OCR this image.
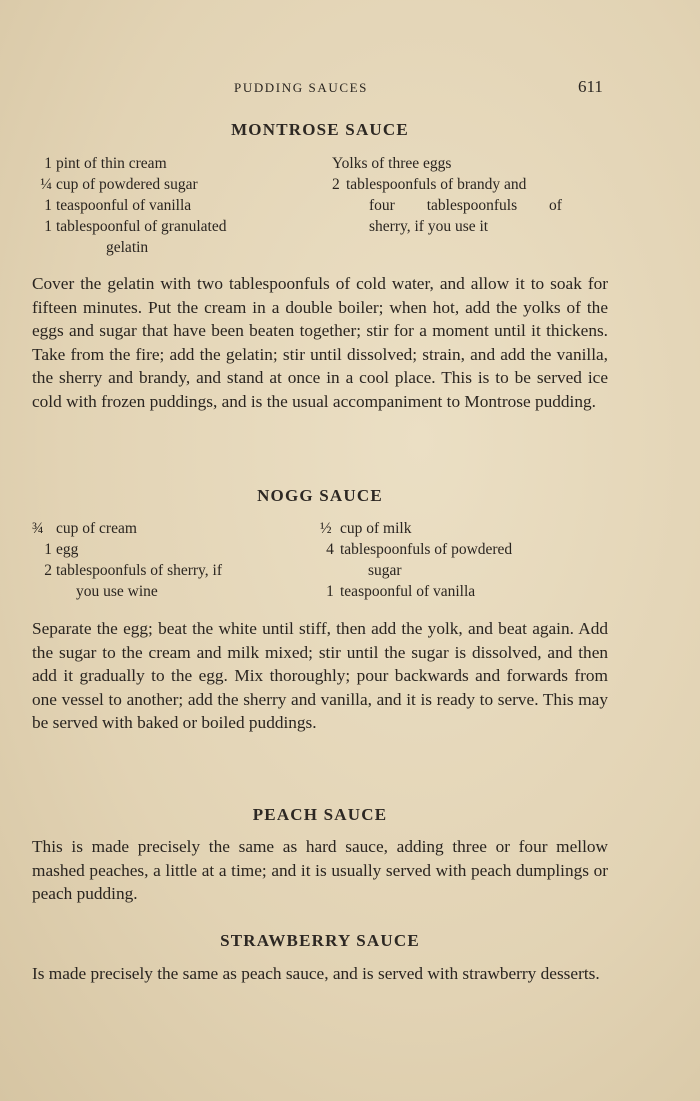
PUDDING SAUCES	611
MONTROSE SAUCE
1 pint of thin cream
¼ cup of powdered sugar
1 teaspoonful of vanilla
1 tablespoonful of granulated
gelatin
Yolks of three eggs
2 tablespoonfuls of brandy and
four tablespoonfuls of
sherry, if you use it

Cover the gelatin with two tablespoonfuls of cold water, and allow it to soak for fifteen minutes. Put the cream in a double boiler; when hot, add the yolks of the eggs and sugar that have been beaten together; stir for a moment until it thickens. Take from the fire; add the gelatin; stir until dissolved; strain, and add the vanilla, the sherry and brandy, and stand at once in a cool place. This is to be served ice cold with frozen puddings, and is the usual accompaniment to Montrose pudding.

NOGG SAUCE
¾ cup of cream
1 egg
2 tablespoonfuls of sherry, if
you use wine
½ cup of milk
4 tablespoonfuls of powdered
sugar
1 teaspoonful of vanilla

Separate the egg; beat the white until stiff, then add the yolk, and beat again. Add the sugar to the cream and milk mixed; stir until the sugar is dissolved, and then add it gradually to the egg. Mix thoroughly; pour backwards and forwards from one vessel to another; add the sherry and vanilla, and it is ready to serve. This may be served with baked or boiled puddings.

PEACH SAUCE

This is made precisely the same as hard sauce, adding three or four mellow mashed peaches, a little at a time; and it is usually served with peach dumplings or peach pudding.

STRAWBERRY SAUCE

Is made precisely the same as peach sauce, and is served with strawberry desserts.
